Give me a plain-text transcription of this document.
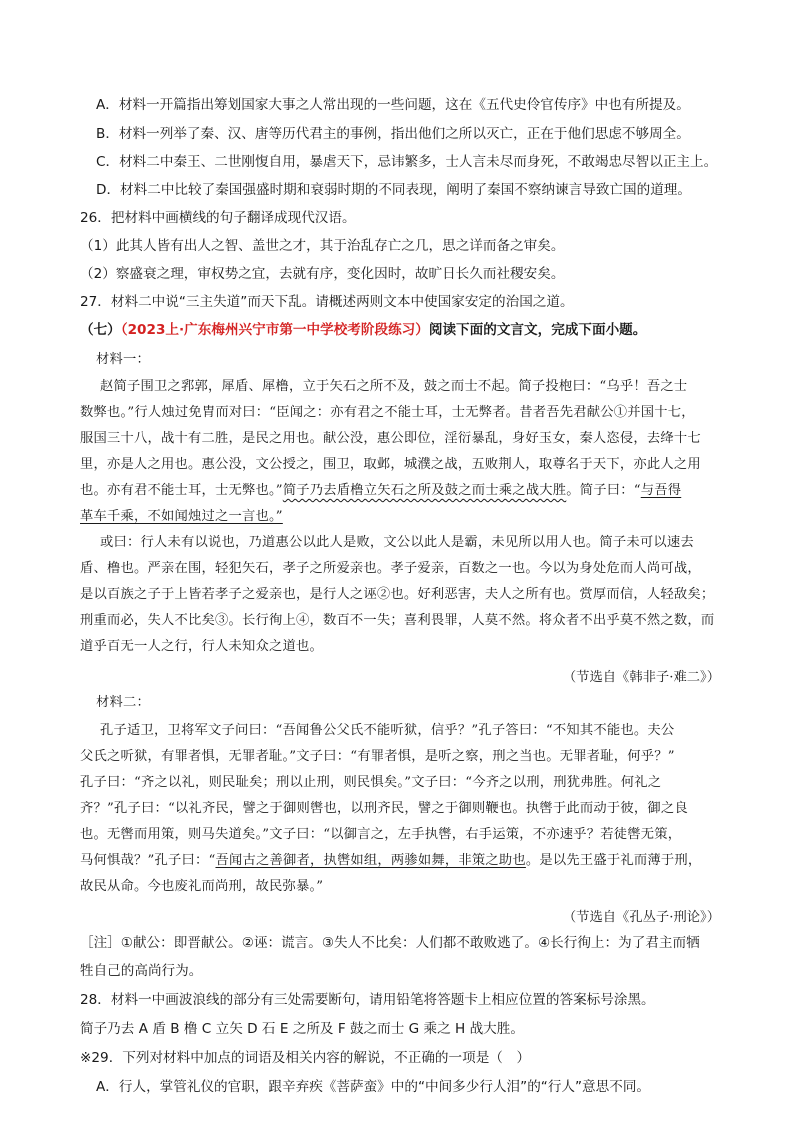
A．材料一开篇指出筹划国家大事之人常出现的一些问题，这在《五代史伶官传序》中也有所提及。
B．材料一列举了秦、汉、唐等历代君主的事例，指出他们之所以灭亡，正在于他们思虑不够周全。
C．材料二中秦王、二世刚愎自用，暴虐天下，忌讳繁多，士人言未尽而身死，不敢竭忠尽智以正主上。
D．材料二中比较了秦国强盛时期和衰弱时期的不同表现，阐明了秦国不察纳谏言导致亡国的道理。
26．把材料中画横线的句子翻译成现代汉语。
（1）此其人皆有出人之智、盖世之才，其于治乱存亡之几，思之详而备之审矣。
（2）察盛衰之理，审权势之宜，去就有序，变化因时，故旷日长久而社稷安矣。
27．材料二中说“三主失道”而天下乱。请概述两则文本中使国家安定的治国之道。
（七）（2023上·广东梅州兴宁市第一中学校考阶段练习）阅读下面的文言文，完成下面小题。
材料一：
赵简子围卫之郛郭，犀盾、犀橹，立于矢石之所不及，鼓之而士不起。简子投枹曰：“乌乎！吾之士
数弊也。”行人烛过免胄而对曰：“臣闻之：亦有君之不能士耳，士无弊者。昔者吾先君献公①并国十七，
服国三十八，战十有二胜，是民之用也。献公没，惠公即位，淫衍暴乱，身好玉女，秦人恣侵，去绛十七
里，亦是人之用也。惠公没，文公授之，围卫，取邺，城濮之战，五败荆人，取尊名于天下，亦此人之用
也。亦有君不能士耳，士无弊也。”简子乃去盾橹立矢石之所及鼓之而士乘之战大胜。简子曰：“与吾得
革车千乘，不如闻烛过之一言也。”
或曰：行人未有以说也，乃道惠公以此人是败，文公以此人是霸，未见所以用人也。简子未可以速去
盾、橹也。严亲在围，轻犯矢石，孝子之所爱亲也。孝子爱亲，百数之一也。今以为身处危而人尚可战，
是以百族之子于上皆若孝子之爱亲也，是行人之诬②也。好利恶害，夫人之所有也。赏厚而信，人轻敌矣；
刑重而必，失人不比矣③。长行徇上④，数百不一失；喜利畏罪，人莫不然。将众者不出乎莫不然之数，而
道乎百无一人之行，行人未知众之道也。
（节选自《韩非子·难二》）
材料二：
孔子适卫，卫将军文子问曰：“吾闻鲁公父氏不能听狱，信乎？”孔子答曰：“不知其不能也。夫公
父氏之听狱，有罪者惧，无罪者耻。”文子曰：“有罪者惧，是听之察，刑之当也。无罪者耻，何乎？”
孔子曰：“齐之以礼，则民耻矣；刑以止刑，则民惧矣。”文子曰：“今齐之以刑，刑犹弗胜。何礼之
齐？”孔子曰：“以礼齐民，譬之于御则辔也，以刑齐民，譬之于御则鞭也。执辔于此而动于彼，御之良
也。无辔而用策，则马失道矣。”文子曰：“以御言之，左手执辔，右手运策，不亦速乎？若徒辔无策，
马何惧哉？”孔子曰：“吾闻古之善御者，执辔如组，两骖如舞，非策之助也。是以先王盛于礼而薄于刑，
故民从命。今也废礼而尚刑，故民弥暴。”
（节选自《孔丛子·刑论》）
［注］①献公：即晋献公。②诬：谎言。③失人不比矣：人们都不敢败逃了。④长行徇上：为了君主而牺
牲自己的高尚行为。
28．材料一中画波浪线的部分有三处需要断句，请用铅笔将答题卡上相应位置的答案标号涂黑。
简子乃去 A 盾 B 橹 C 立矢 D 石 E 之所及 F 鼓之而士 G 乘之 H 战大胜。
※29．下列对材料中加点的词语及相关内容的解说，不正确的一项是（　）
A．行人，掌管礼仪的官职，跟辛弃疾《菩萨蛮》中的“中间多少行人泪”的“行人”意思不同。
